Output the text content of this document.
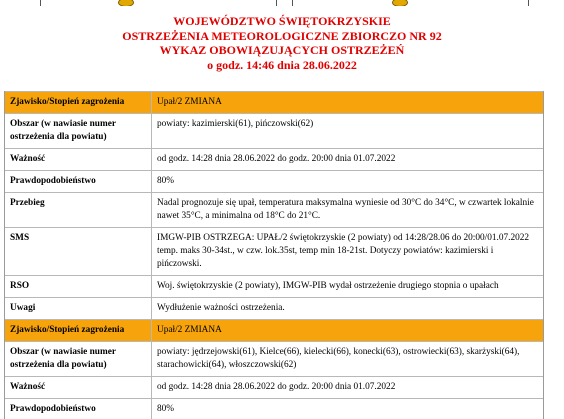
WOJEWÓDZTWO ŚWIĘTOKRZYSKIE
OSTRZEŻENIA METEOROLOGICZNE ZBIORCZO NR 92
WYKAZ OBOWIĄZUJĄCYCH OSTRZEŻEŃ
o godz. 14:46 dnia 28.06.2022
Zjawisko/Stopień zagrożenia	Upał/2 ZMIANA
Obszar (w nawiasie numer ostrzeżenia dla powiatu)	powiaty: kazimierski(61), pińczowski(62)
Ważność	od godz. 14:28 dnia 28.06.2022 do godz. 20:00 dnia 01.07.2022
Prawdopodobieństwo	80%
Przebieg	Nadal prognozuje się upał, temperatura maksymalna wyniesie od 30°C do 34°C, w czwartek lokalnie nawet 35°C, a minimalna od 18°C do 21°C.
SMS	IMGW-PIB OSTRZEGA: UPAŁ/2 świętokrzyskie (2 powiaty) od 14:28/28.06 do 20:00/01.07.2022 temp. maks 30-34st., w czw. lok.35st, temp min 18-21st. Dotyczy powiatów: kazimierski i pińczowski.
RSO	Woj. świętokrzyskie (2 powiaty), IMGW-PIB wydał ostrzeżenie drugiego stopnia o upałach
Uwagi	Wydłużenie ważności ostrzeżenia.
Zjawisko/Stopień zagrożenia	Upał/2 ZMIANA
Obszar (w nawiasie numer ostrzeżenia dla powiatu)	powiaty: jędrzejowski(61), Kielce(66), kielecki(66), konecki(63), ostrowiecki(63), skarżyski(64), starachowicki(64), włoszczowski(62)
Ważność	od godz. 14:28 dnia 28.06.2022 do godz. 20:00 dnia 01.07.2022
Prawdopodobieństwo	80%
